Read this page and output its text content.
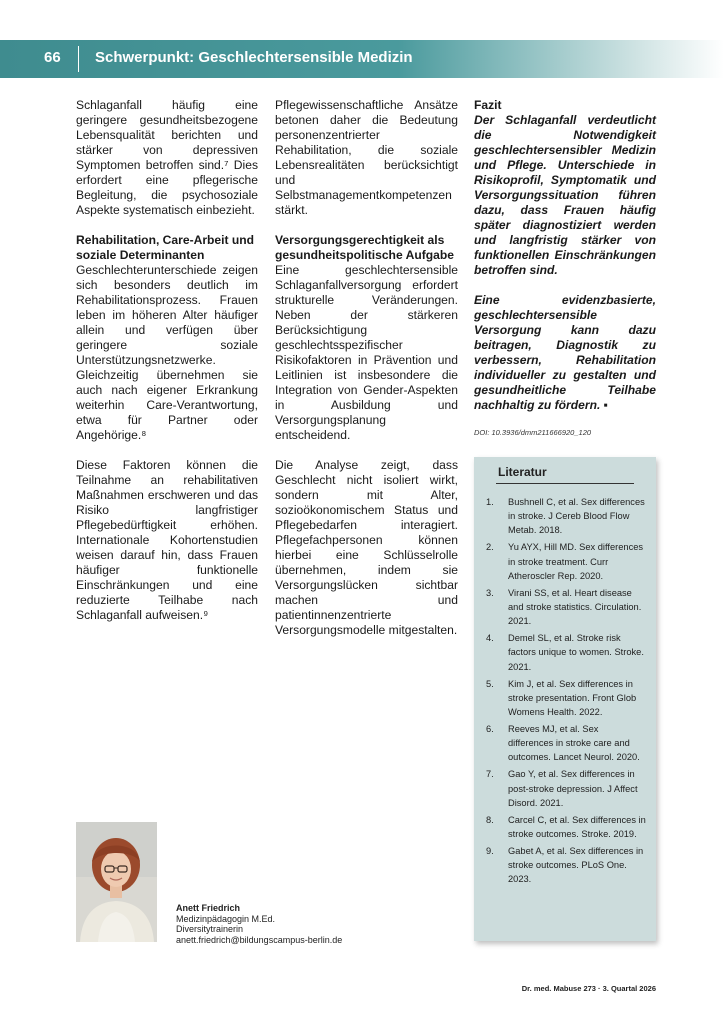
66 Schwerpunkt: Geschlechtersensible Medizin

Schlaganfall häufig eine geringere gesundheitsbezogene Lebensqualität berichten und stärker von depressiven Symptomen betroffen sind.⁷ Dies erfordert eine pflegerische Begleitung, die psychosoziale Aspekte systematisch einbezieht.

Rehabilitation, Care-Arbeit und soziale Determinanten

Geschlechterunterschiede zeigen sich besonders deutlich im Rehabilitationsprozess. Frauen leben im höheren Alter häufiger allein und verfügen über geringere soziale Unterstützungsnetzwerke. Gleichzeitig übernehmen sie auch nach eigener Erkrankung weiterhin Care-Verantwortung, etwa für Partner oder Angehörige.⁸

Diese Faktoren können die Teilnahme an rehabilitativen Maßnahmen erschweren und das Risiko langfristiger Pflegebedürftigkeit erhöhen. Internationale Kohortenstudien weisen darauf hin, dass Frauen häufiger funktionelle Einschränkungen und eine reduzierte Teilhabe nach Schlaganfall aufweisen.⁹

Pflegewissenschaftliche Ansätze betonen daher die Bedeutung personenzentrierter Rehabilitation, die soziale Lebensrealitäten berücksichtigt und Selbstmanagementkompetenzen stärkt.

Versorgungsgerechtigkeit als gesundheitspolitische Aufgabe

Eine geschlechtersensible Schlaganfallversorgung erfordert strukturelle Veränderungen. Neben der stärkeren Berücksichtigung geschlechtsspezifischer Risikofaktoren in Prävention und Leitlinien ist insbesondere die Integration von Gender-Aspekten in Ausbildung und Versorgungsplanung entscheidend.

Die Analyse zeigt, dass Geschlecht nicht isoliert wirkt, sondern mit Alter, sozioökonomischem Status und Pflegebedarfen interagiert. Pflegefachpersonen können hierbei eine Schlüsselrolle übernehmen, indem sie Versorgungslücken sichtbar machen und patientinnenzentrierte Versorgungsmodelle mitgestalten.

Fazit

Der Schlaganfall verdeutlicht die Notwendigkeit geschlechtersensibler Medizin und Pflege. Unterschiede in Risikoprofil, Symptomatik und Versorgungssituation führen dazu, dass Frauen häufig später diagnostiziert werden und langfristig stärker von funktionellen Einschränkungen betroffen sind.

Eine evidenzbasierte, geschlechtersensible Versorgung kann dazu beitragen, Diagnostik zu verbessern, Rehabilitation individueller zu gestalten und gesundheitliche Teilhabe nachhaltig zu fördern. ▪

DOI: 10.3936/dmm211666920_120

Literatur
1. Bushnell C, et al. Sex differences in stroke. J Cereb Blood Flow Metab. 2018.
2. Yu AYX, Hill MD. Sex differences in stroke treatment. Curr Atheroscler Rep. 2020.
3. Virani SS, et al. Heart disease and stroke statistics. Circulation. 2021.
4. Demel SL, et al. Stroke risk factors unique to women. Stroke. 2021.
5. Kim J, et al. Sex differences in stroke presentation. Front Glob Womens Health. 2022.
6. Reeves MJ, et al. Sex differences in stroke care and outcomes. Lancet Neurol. 2020.
7. Gao Y, et al. Sex differences in post-stroke depression. J Affect Disord. 2021.
8. Carcel C, et al. Sex differences in stroke outcomes. Stroke. 2019.
9. Gabet A, et al. Sex differences in stroke outcomes. PLoS One. 2023.
Anett Friedrich
Medizinpädagogin M.Ed.
Diversitytrainerin
anett.friedrich@bildungscampus-berlin.de
Dr. med. Mabuse 273 · 3. Quartal 2026
